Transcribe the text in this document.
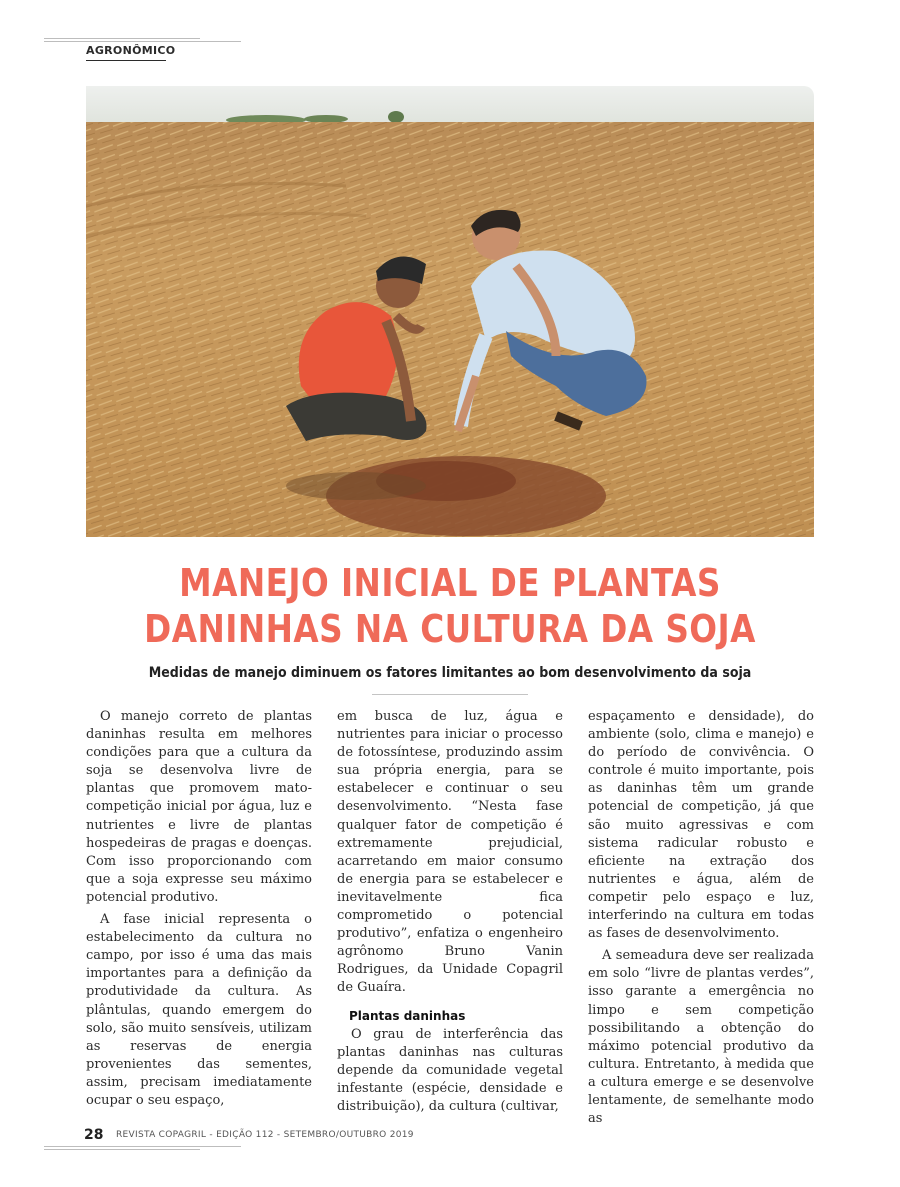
AGRONÔMICO
MANEJO INICIAL DE PLANTAS
DANINHAS NA CULTURA DA SOJA
Medidas de manejo diminuem os fatores limitantes ao bom desenvolvimento da soja

O manejo correto de plantas daninhas resulta em melhores condições para que a cultura da soja se desenvolva livre de plantas que promovem mato-competição inicial por água, luz e nutrientes e livre de plantas hospedeiras de pragas e doenças. Com isso proporcionando com que a soja expresse seu máximo potencial produtivo.

A fase inicial representa o estabelecimento da cultura no campo, por isso é uma das mais importantes para a definição da produtividade da cultura. As plântulas, quando emergem do solo, são muito sensíveis, utilizam as reservas de energia provenientes das sementes, assim, precisam imediatamente ocupar o seu espaço,

em busca de luz, água e nutrientes para iniciar o processo de fotossíntese, produzindo assim sua própria energia, para se estabelecer e continuar o seu desenvolvimento. “Nesta fase qualquer fator de competição é extremamente prejudicial, acarretando em maior consumo de energia para se estabelecer e inevitavelmente fica comprometido o potencial produtivo”, enfatiza o engenheiro agrônomo Bruno Vanin Rodrigues, da Unidade Copagril de Guaíra.

Plantas daninhas

O grau de interferência das plantas daninhas nas culturas depende da comunidade vegetal infestante (espécie, densidade e distribuição), da cultura (cultivar,

espaçamento e densidade), do ambiente (solo, clima e manejo) e do período de convivência. O controle é muito importante, pois as daninhas têm um grande potencial de competição, já que são muito agressivas e com sistema radicular robusto e eficiente na extração dos nutrientes e água, além de competir pelo espaço e luz, interferindo na cultura em todas as fases de desenvolvimento.

A semeadura deve ser realizada em solo “livre de plantas verdes”, isso garante a emergência no limpo e sem competição possibilitando a obtenção do máximo potencial produtivo da cultura. Entretanto, à medida que a cultura emerge e se desenvolve lentamente, de semelhante modo as

28 REVISTA COPAGRIL - EDIÇÃO 112 - SETEMBRO/OUTUBRO 2019
